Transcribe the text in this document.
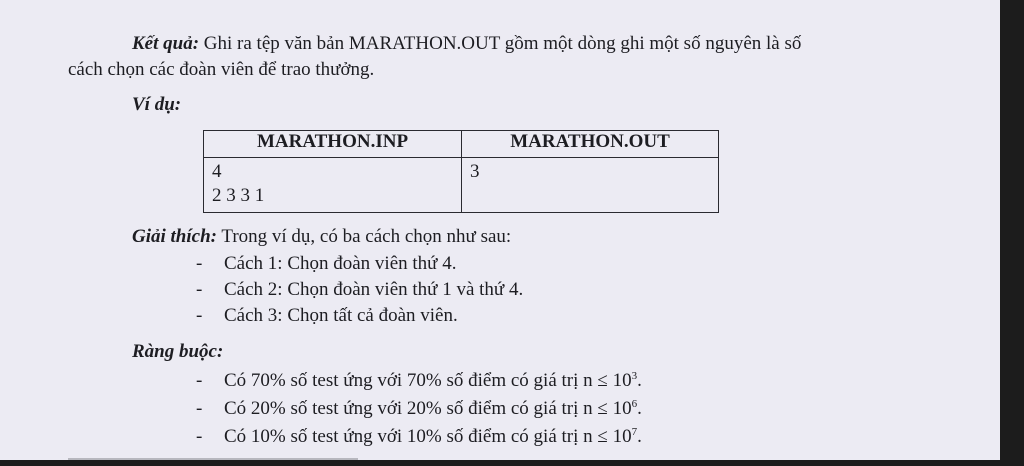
Kết quả: Ghi ra tệp văn bản MARATHON.OUT gồm một dòng ghi một số nguyên là số
cách chọn các đoàn viên để trao thưởng.
Ví dụ:
MARATHON.INP	MARATHON.OUT

4
2 3 3 1	3
Giải thích: Trong ví dụ, có ba cách chọn như sau:
- Cách 1: Chọn đoàn viên thứ 4.
- Cách 2: Chọn đoàn viên thứ 1 và thứ 4.
- Cách 3: Chọn tất cả đoàn viên.
Ràng buộc:
- Có 70% số test ứng với 70% số điểm có giá trị $n \le 10^3$.
- Có 20% số test ứng với 20% số điểm có giá trị $n \le 10^6$.
- Có 10% số test ứng với 10% số điểm có giá trị $n \le 10^7$.
